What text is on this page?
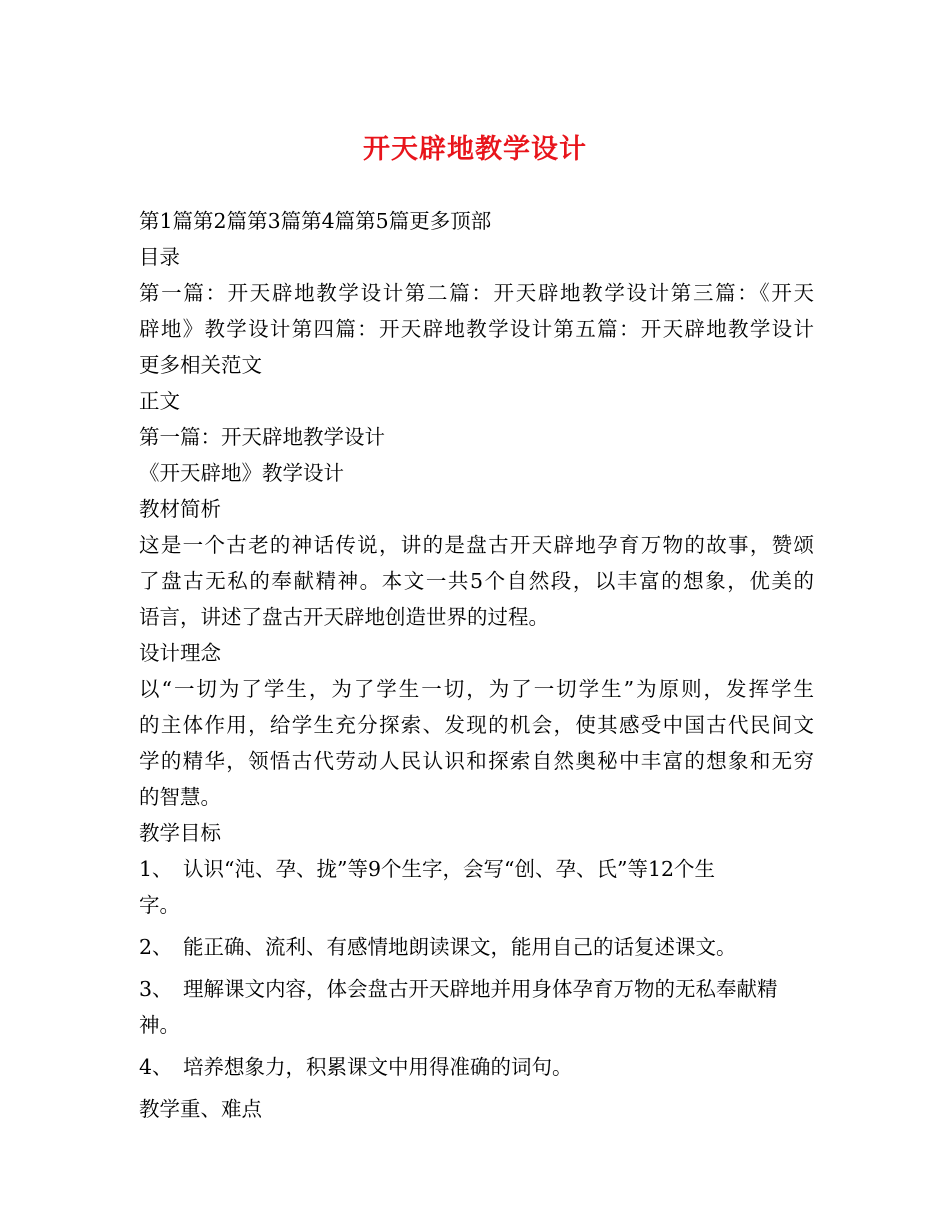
开天辟地教学设计
第1篇第2篇第3篇第4篇第5篇更多顶部
目录
第一篇：开天辟地教学设计第二篇：开天辟地教学设计第三篇：《开天
辟地》教学设计第四篇：开天辟地教学设计第五篇：开天辟地教学设计
更多相关范文
正文
第一篇：开天辟地教学设计
《开天辟地》教学设计
教材简析
这是一个古老的神话传说，讲的是盘古开天辟地孕育万物的故事，赞颂
了盘古无私的奉献精神。本文一共5个自然段，以丰富的想象，优美的
语言，讲述了盘古开天辟地创造世界的过程。
设计理念
以“一切为了学生，为了学生一切，为了一切学生”为原则，发挥学生
的主体作用，给学生充分探索、发现的机会，使其感受中国古代民间文
学的精华，领悟古代劳动人民认识和探索自然奥秘中丰富的想象和无穷
的智慧。
教学目标
1、 认识“沌、孕、拢”等9个生字，会写“创、孕、氏”等12个生
字。
2、 能正确、流利、有感情地朗读课文，能用自己的话复述课文。
3、 理解课文内容，体会盘古开天辟地并用身体孕育万物的无私奉献精
神。
4、 培养想象力，积累课文中用得准确的词句。
教学重、难点
